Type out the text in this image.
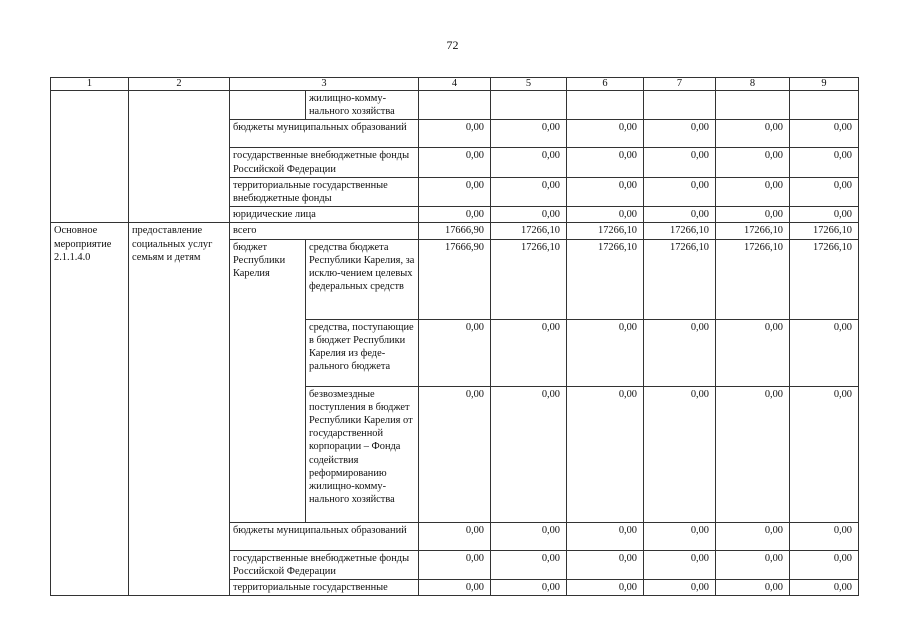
72
1	2	3		4	5	6	7	8	9
			жилищно-комму-нального хозяйства						
		бюджеты муниципальных образований		0,00	0,00	0,00	0,00	0,00	0,00
		государственные внебюджетные фонды Российской Федерации		0,00	0,00	0,00	0,00	0,00	0,00
		территориальные государственные внебюджетные фонды		0,00	0,00	0,00	0,00	0,00	0,00
		юридические лица		0,00	0,00	0,00	0,00	0,00	0,00
Основное мероприятие 2.1.1.4.0	предоставление социальных услуг семьям и детям	всего		17666,90	17266,10	17266,10	17266,10	17266,10	17266,10
		бюджет Республики Карелия	средства бюджета Республики Карелия, за исклю-чением целевых федеральных средств	17666,90	17266,10	17266,10	17266,10	17266,10	17266,10
			средства, поступающие в бюджет Республики Карелия из феде-рального бюджета	0,00	0,00	0,00	0,00	0,00	0,00
			безвозмездные поступления в бюджет Республики Карелия от государственной корпорации – Фонда содействия реформированию жилищно-комму-нального хозяйства	0,00	0,00	0,00	0,00	0,00	0,00
		бюджеты муниципальных образований		0,00	0,00	0,00	0,00	0,00	0,00
		государственные внебюджетные фонды Российской Федерации		0,00	0,00	0,00	0,00	0,00	0,00
		территориальные государственные		0,00	0,00	0,00	0,00	0,00	0,00
